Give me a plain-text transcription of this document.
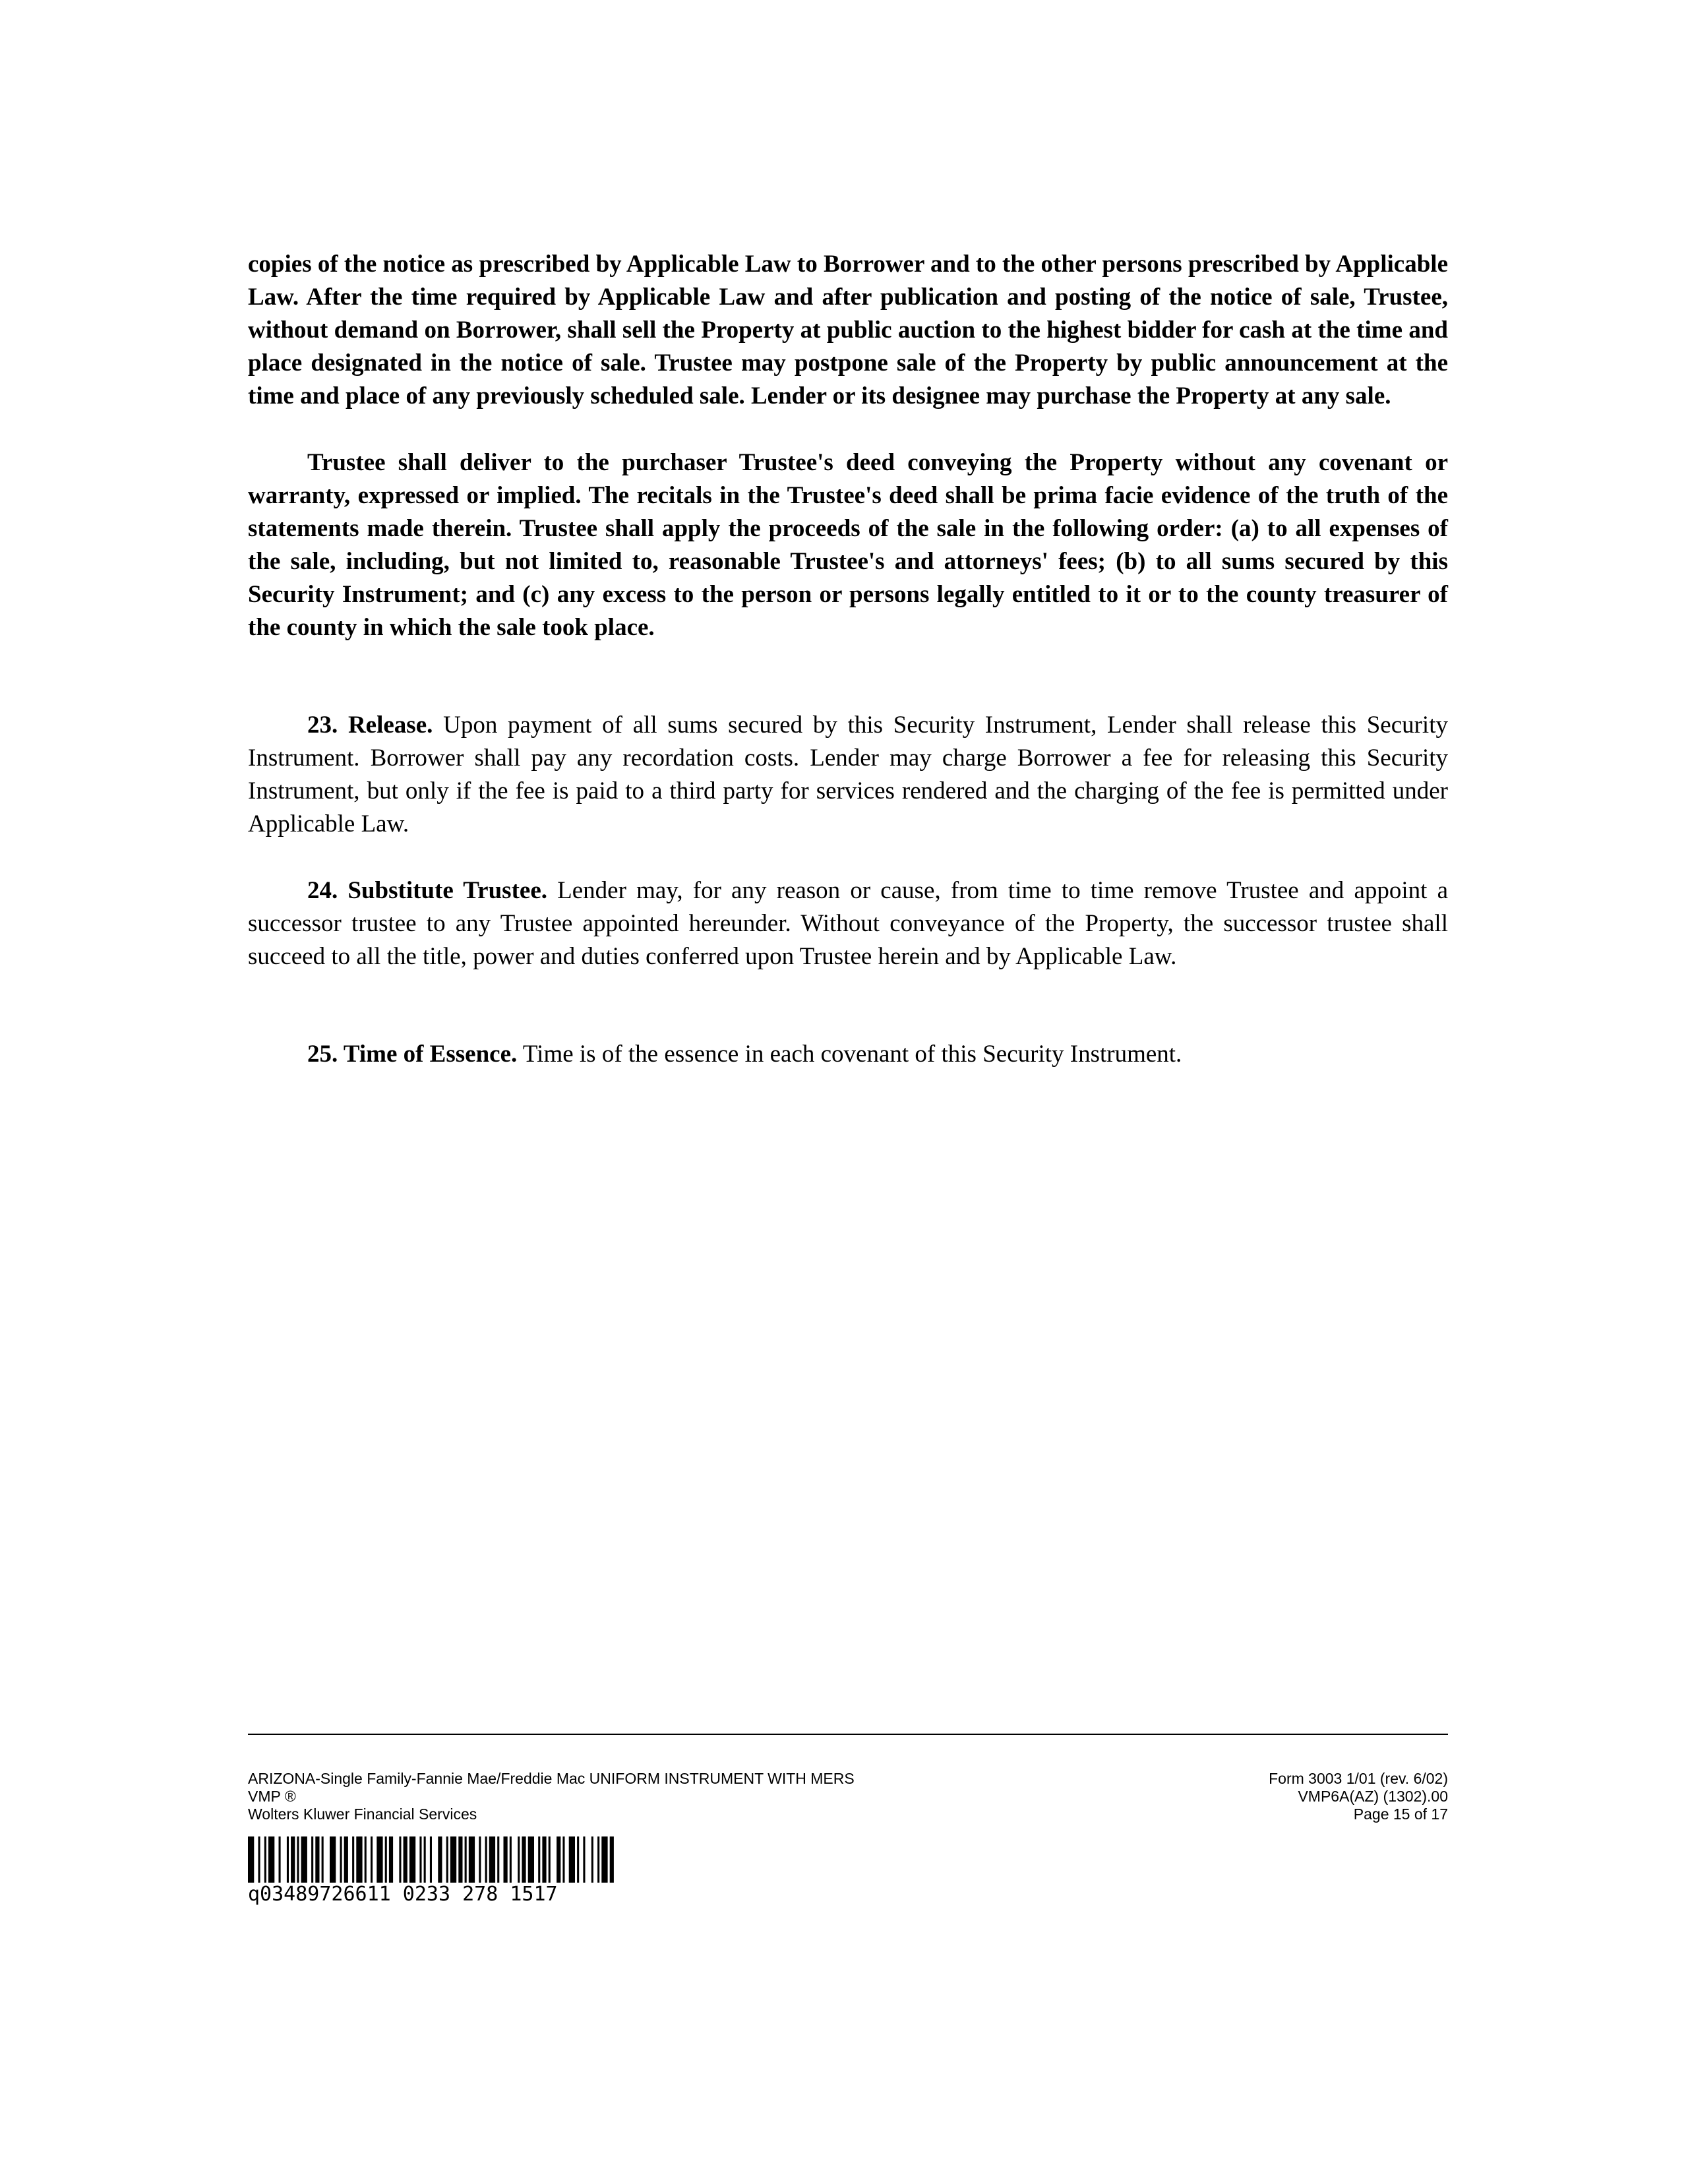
copies of the notice as prescribed by Applicable Law to Borrower and to the other persons prescribed by Applicable Law. After the time required by Applicable Law and after publication and posting of the notice of sale, Trustee, without demand on Borrower, shall sell the Property at public auction to the highest bidder for cash at the time and place designated in the notice of sale. Trustee may postpone sale of the Property by public announcement at the time and place of any previously scheduled sale. Lender or its designee may purchase the Property at any sale.

Trustee shall deliver to the purchaser Trustee's deed conveying the Property without any covenant or warranty, expressed or implied. The recitals in the Trustee's deed shall be prima facie evidence of the truth of the statements made therein. Trustee shall apply the proceeds of the sale in the following order: (a) to all expenses of the sale, including, but not limited to, reasonable Trustee's and attorneys' fees; (b) to all sums secured by this Security Instrument; and (c) any excess to the person or persons legally entitled to it or to the county treasurer of the county in which the sale took place.

23. Release. Upon payment of all sums secured by this Security Instrument, Lender shall release this Security Instrument. Borrower shall pay any recordation costs. Lender may charge Borrower a fee for releasing this Security Instrument, but only if the fee is paid to a third party for services rendered and the charging of the fee is permitted under Applicable Law.

24. Substitute Trustee. Lender may, for any reason or cause, from time to time remove Trustee and appoint a successor trustee to any Trustee appointed hereunder. Without conveyance of the Property, the successor trustee shall succeed to all the title, power and duties conferred upon Trustee herein and by Applicable Law.

25. Time of Essence. Time is of the essence in each covenant of this Security Instrument.

ARIZONA-Single Family-Fannie Mae/Freddie Mac UNIFORM INSTRUMENT WITH MERS
VMP ®
Wolters Kluwer Financial Services
Form 3003 1/01 (rev. 6/02)
VMP6A(AZ) (1302).00
Page 15 of 17
q03489726611 0233 278 1517
